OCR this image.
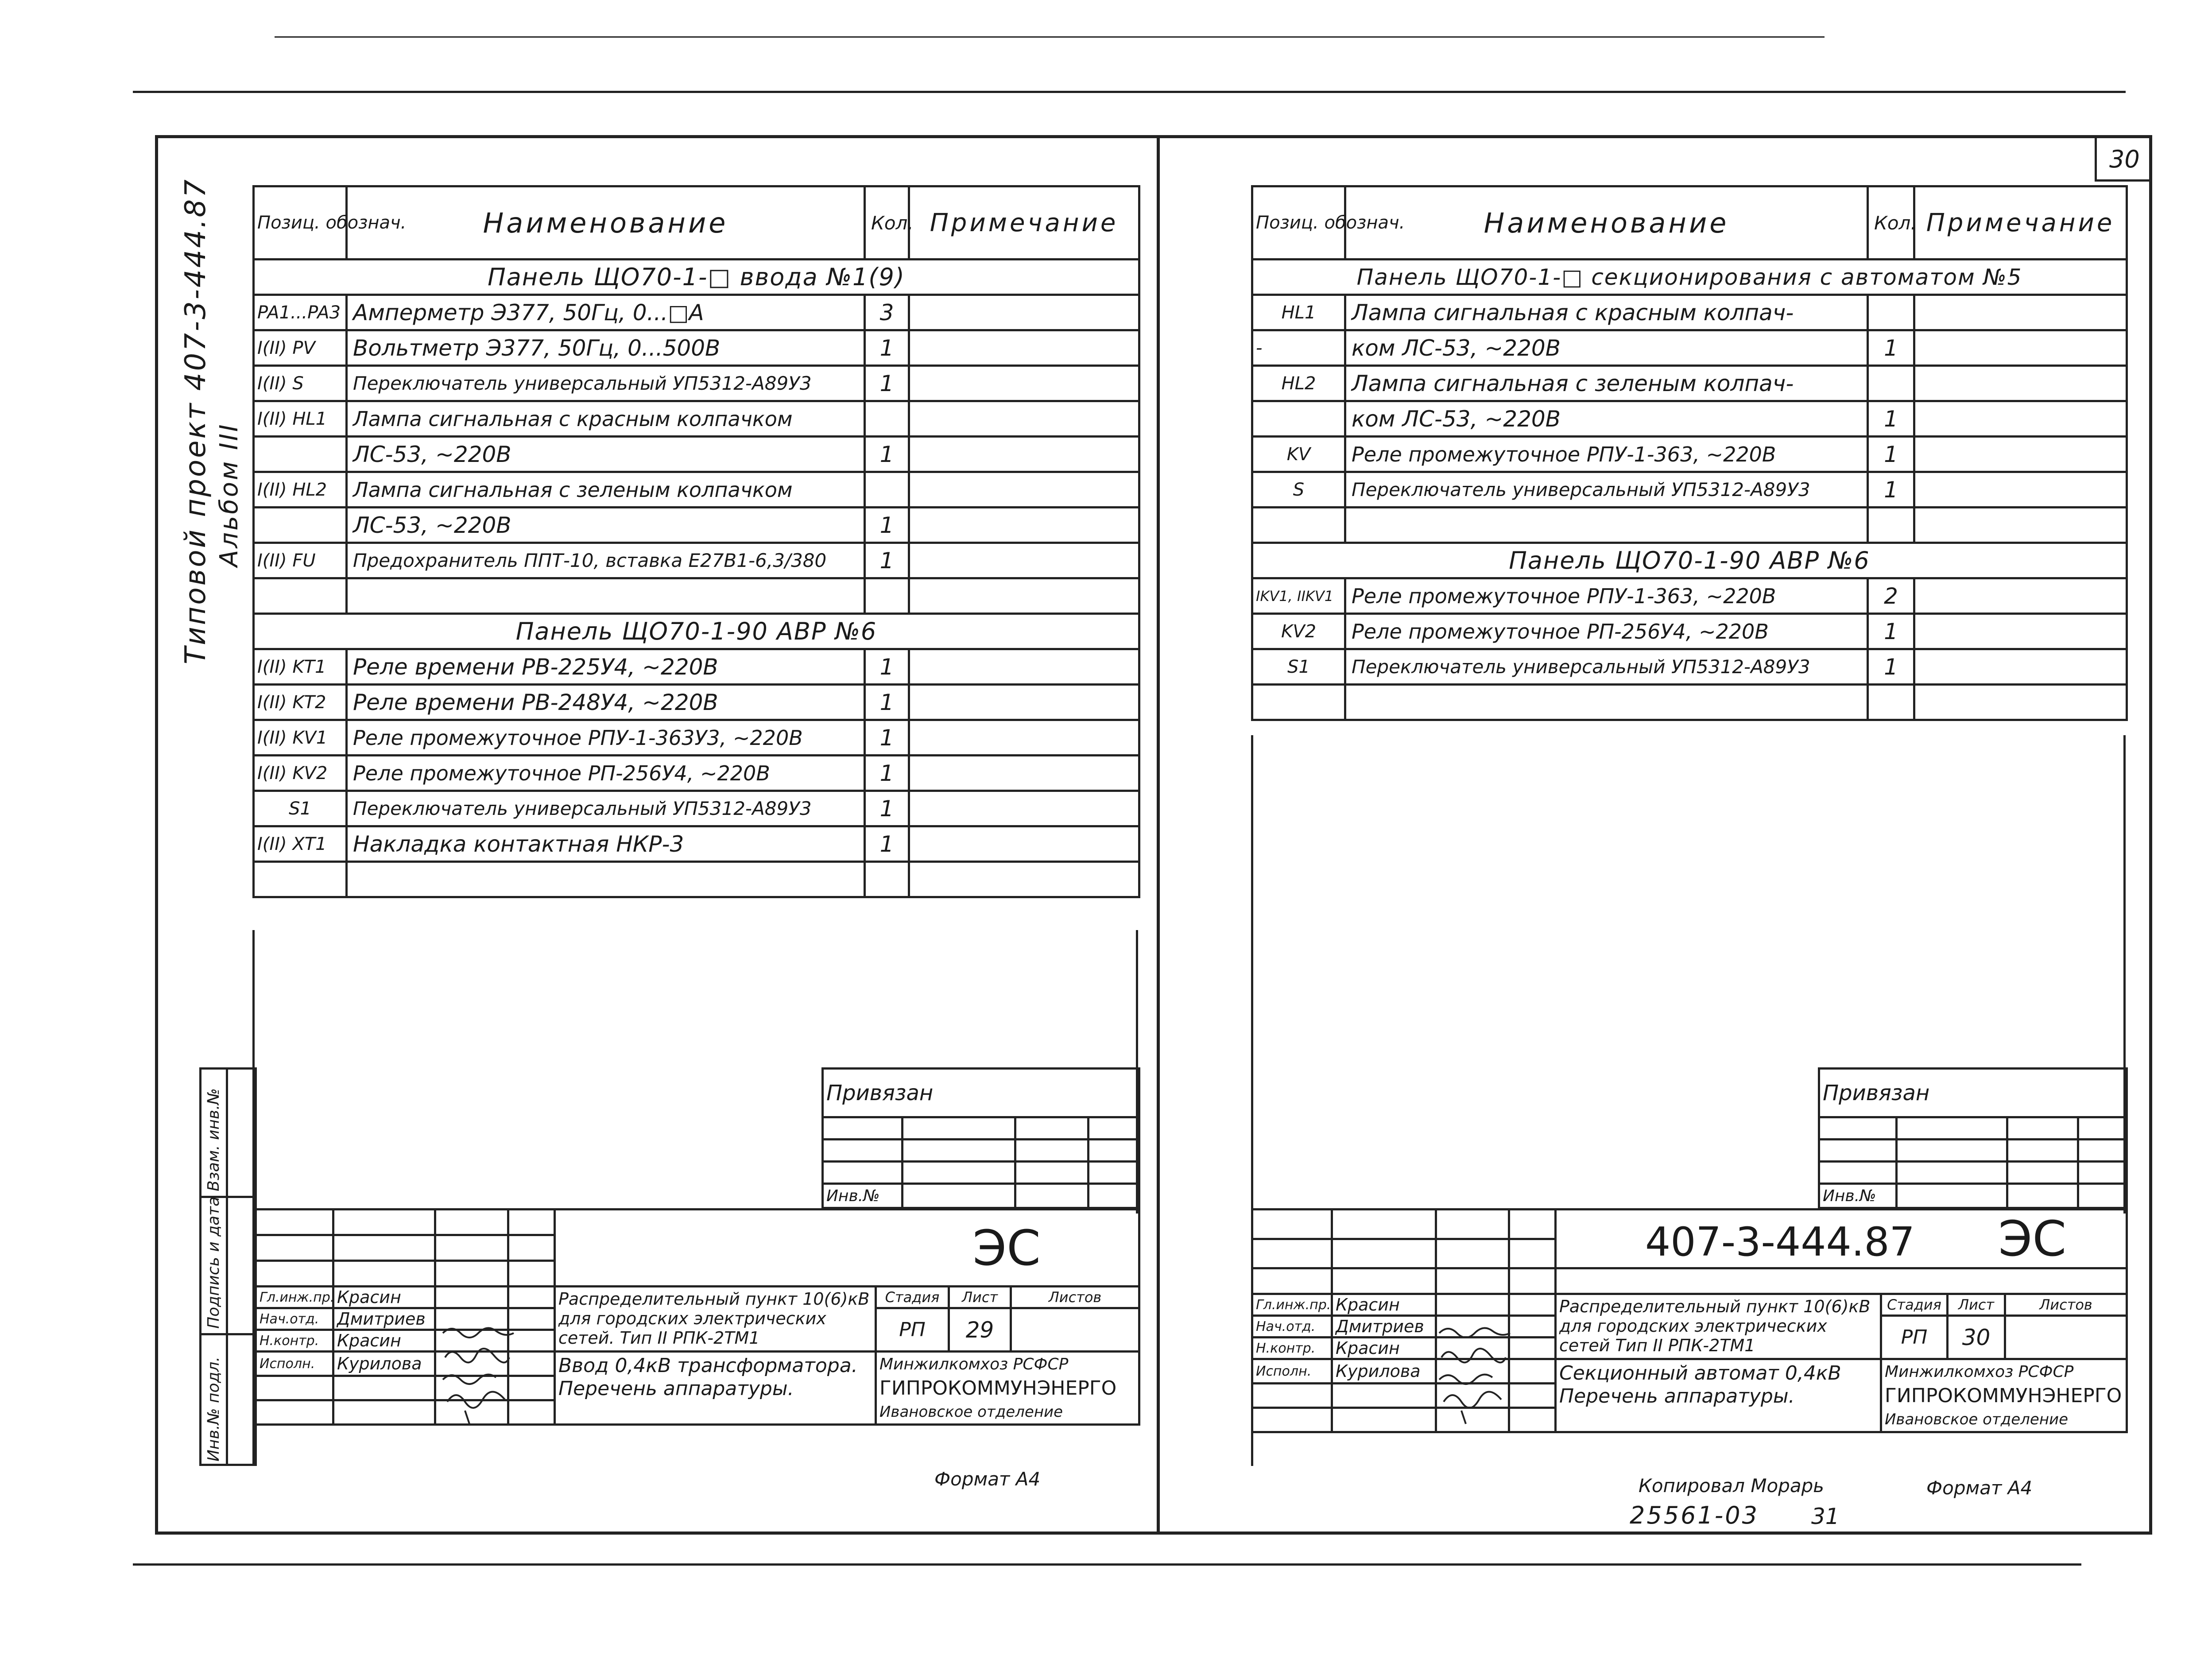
30
Типовой проект 407-3-444.87 Альбом III
Инв.№ подл.
Подпись и дата
Взам. инв.№
Позиц. обознач.	Наименование	Кол.	Примечание
Панель ЩО70-1-□ ввода №1(9)			
PA1...PA3	Амперметр Э377, 50Гц, 0...□A	3	
I(II) PV	Вольтметр Э377, 50Гц, 0...500В	1	
I(II) S	Переключатель универсальный УП5312-А89У3	1	
I(II) HL1	Лампа сигнальная с красным колпачком		
	ЛС-53, ~220В	1	
I(II) HL2	Лампа сигнальная с зеленым колпачком		
	ЛС-53, ~220В	1	
I(II) FU	Предохранитель ППТ-10, вставка E27В1-6,3/380	1	

Панель ЩО70-1-90 АВР №6			
I(II) KT1	Реле времени РВ-225У4, ~220В	1	
I(II) KT2	Реле времени РВ-248У4, ~220В	1	
I(II) KV1	Реле промежуточное РПУ-1-363У3, ~220В	1	
I(II) KV2	Реле промежуточное РП-256У4, ~220В	1	
S1	Переключатель универсальный УП5312-А89У3	1	
I(II) XT1	Накладка контактная НКР-3	1	

Привязан			

Инв.№			
				ЭС			

Гл.инж.пр.	Красин			Распределительный пункт 10(6)кВ для городских электрических сетей. Тип II РПК-2ТМ1	Стадия	Лист	Листов
Нач.отд.	Дмитриев				РП	29	
Н.контр.	Красин						
Исполн.	Курилова			Ввод 0,4кВ трансформатора. Перечень аппаратуры.	Минжилкомхоз РСФСР		
					ГИПРОКОММУНЭНЕРГО		
					Ивановское отделение		
Формат А4
Позиц. обознач.	Наименование	Кол.	Примечание
Панель ЩО70-1-□ секционирования с автоматом №5			
HL1	Лампа сигнальная с красным колпач-		
-	ком ЛС-53, ~220В	1	
HL2	Лампа сигнальная с зеленым колпач-		
	ком ЛС-53, ~220В	1	
KV	Реле промежуточное РПУ-1-363, ~220В	1	
S	Переключатель универсальный УП5312-А89У3	1	

Панель ЩО70-1-90 АВР №6			
IKV1, IIKV1	Реле промежуточное РПУ-1-363, ~220В	2	
KV2	Реле промежуточное РП-256У4, ~220В	1	
S1	Переключатель универсальный УП5312-А89У3	1	

Привязан			

Инв.№			
				407-3-444.87 ЭС			

Гл.инж.пр.	Красин			Распределительный пункт 10(6)кВ для городских электрических сетей Тип II РПК-2ТМ1	Стадия	Лист	Листов
Нач.отд.	Дмитриев				РП	30	
Н.контр.	Красин						
Исполн.	Курилова			Секционный автомат 0,4кВ Перечень аппаратуры.	Минжилкомхоз РСФСР		
					ГИПРОКОММУНЭНЕРГО		
					Ивановское отделение		
Копировал Морарь	Формат А4
25561-03 31
